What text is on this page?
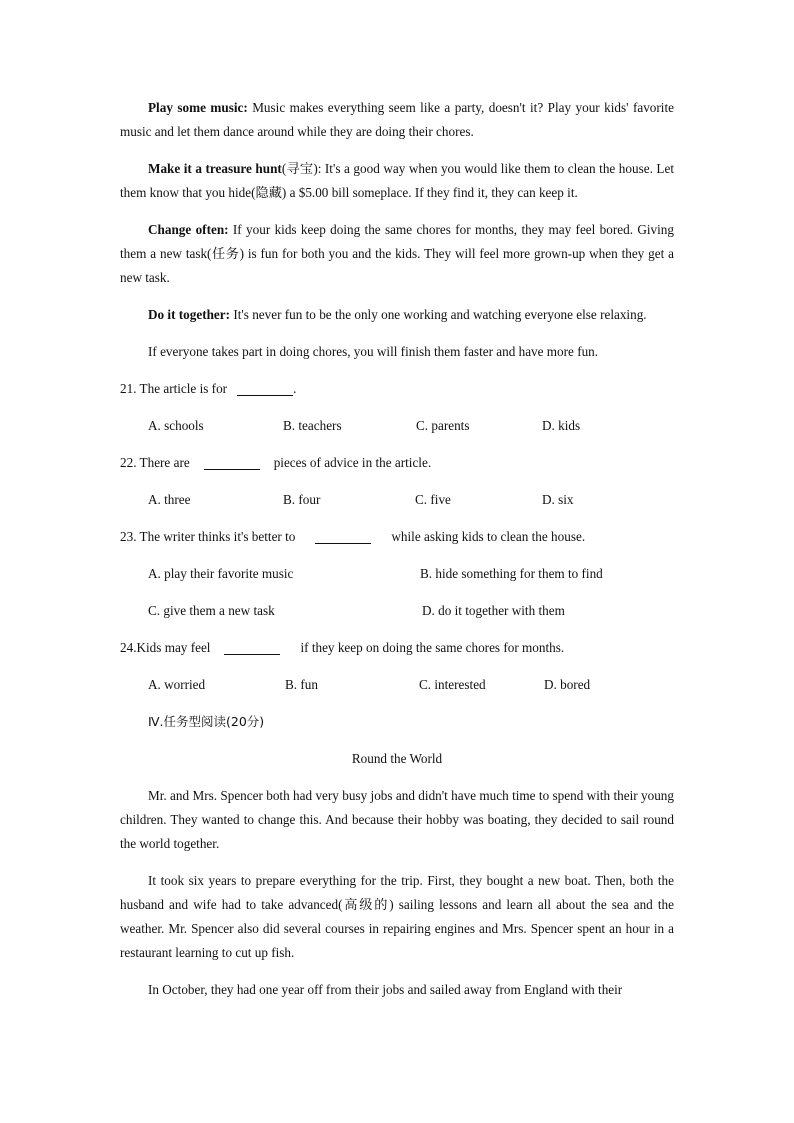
Play some music: Music makes everything seem like a party, doesn't it? Play your kids' favorite music and let them dance around while they are doing their chores.

Make it a treasure hunt(寻宝): It's a good way when you would like them to clean the house. Let them know that you hide(隐藏) a $5.00 bill someplace. If they find it, they can keep it.

Change often: If your kids keep doing the same chores for months, they may feel bored. Giving them a new task(任务) is fun for both you and the kids. They will feel more grown-up when they get a new task.

Do it together: It's never fun to be the only one working and watching everyone else relaxing.

If everyone takes part in doing chores, you will finish them faster and have more fun.

21. The article is for	.

A. schools	B. teachers	C. parents	D. kids

22. There are	pieces of advice in the article.

A. three	B. four	C. five	D. six

23. The writer thinks it's better to	while asking kids to clean the house.

A. play their favorite music	B. hide something for them to find
C. give them a new task	D. do it together with them

24.Kids may feel	if they keep on doing the same chores for months.

A. worried	B. fun	C. interested	D. bored

Ⅳ.任务型阅读(20分)

Round the World

Mr. and Mrs. Spencer both had very busy jobs and didn't have much time to spend with their young children. They wanted to change this. And because their hobby was boating, they decided to sail round the world together.

It took six years to prepare everything for the trip. First, they bought a new boat. Then, both the husband and wife had to take advanced(高级的) sailing lessons and learn all about the sea and the weather. Mr. Spencer also did several courses in repairing engines and Mrs. Spencer spent an hour in a restaurant learning to cut up fish.

In October, they had one year off from their jobs and sailed away from England with their
